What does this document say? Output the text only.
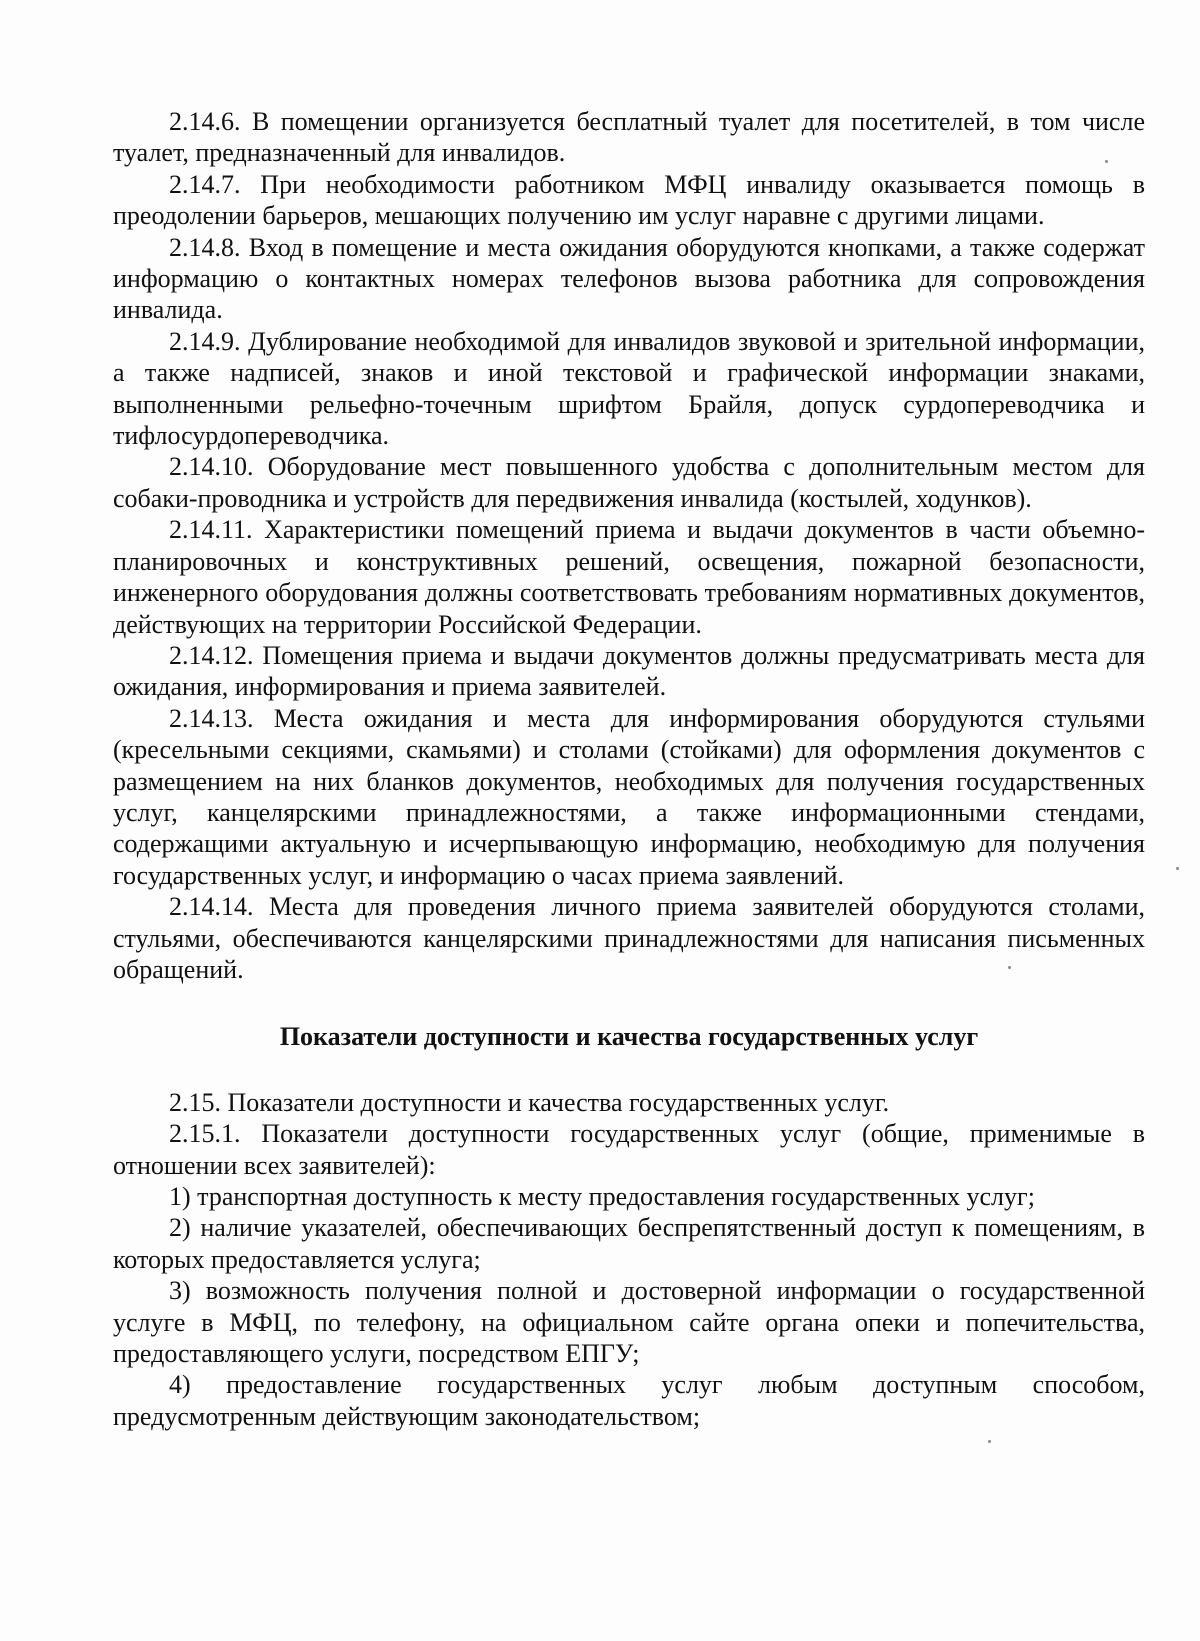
2.14.6. В помещении организуется бесплатный туалет для посетителей, в том числе туалет, предназначенный для инвалидов.

2.14.7. При необходимости работником МФЦ инвалиду оказывается помощь в преодолении барьеров, мешающих получению им услуг наравне с другими лицами.

2.14.8. Вход в помещение и места ожидания оборудуются кнопками, а также содержат информацию о контактных номерах телефонов вызова работника для сопровождения инвалида.

2.14.9. Дублирование необходимой для инвалидов звуковой и зрительной информации, а также надписей, знаков и иной текстовой и графической информации знаками, выполненными рельефно-точечным шрифтом Брайля, допуск сурдопереводчика и тифлосурдопереводчика.

2.14.10. Оборудование мест повышенного удобства с дополнительным местом для собаки-проводника и устройств для передвижения инвалида (костылей, ходунков).

2.14.11. Характеристики помещений приема и выдачи документов в части объемно-планировочных и конструктивных решений, освещения, пожарной безопасности, инженерного оборудования должны соответствовать требованиям нормативных документов, действующих на территории Российской Федерации.

2.14.12. Помещения приема и выдачи документов должны предусматривать места для ожидания, информирования и приема заявителей.

2.14.13. Места ожидания и места для информирования оборудуются стульями (кресельными секциями, скамьями) и столами (стойками) для оформления документов с размещением на них бланков документов, необходимых для получения государственных услуг, канцелярскими принадлежностями, а также информационными стендами, содержащими актуальную и исчерпывающую информацию, необходимую для получения государственных услуг, и информацию о часах приема заявлений.

2.14.14. Места для проведения личного приема заявителей оборудуются столами, стульями, обеспечиваются канцелярскими принадлежностями для написания письменных обращений.

Показатели доступности и качества государственных услуг

2.15. Показатели доступности и качества государственных услуг.

2.15.1. Показатели доступности государственных услуг (общие, применимые в отношении всех заявителей):

1) транспортная доступность к месту предоставления государственных услуг;

2) наличие указателей, обеспечивающих беспрепятственный доступ к помещениям, в которых предоставляется услуга;

3) возможность получения полной и достоверной информации о государственной услуге в МФЦ, по телефону, на официальном сайте органа опеки и попечительства, предоставляющего услуги, посредством ЕПГУ;

4) предоставление государственных услуг любым доступным способом, предусмотренным действующим законодательством;
